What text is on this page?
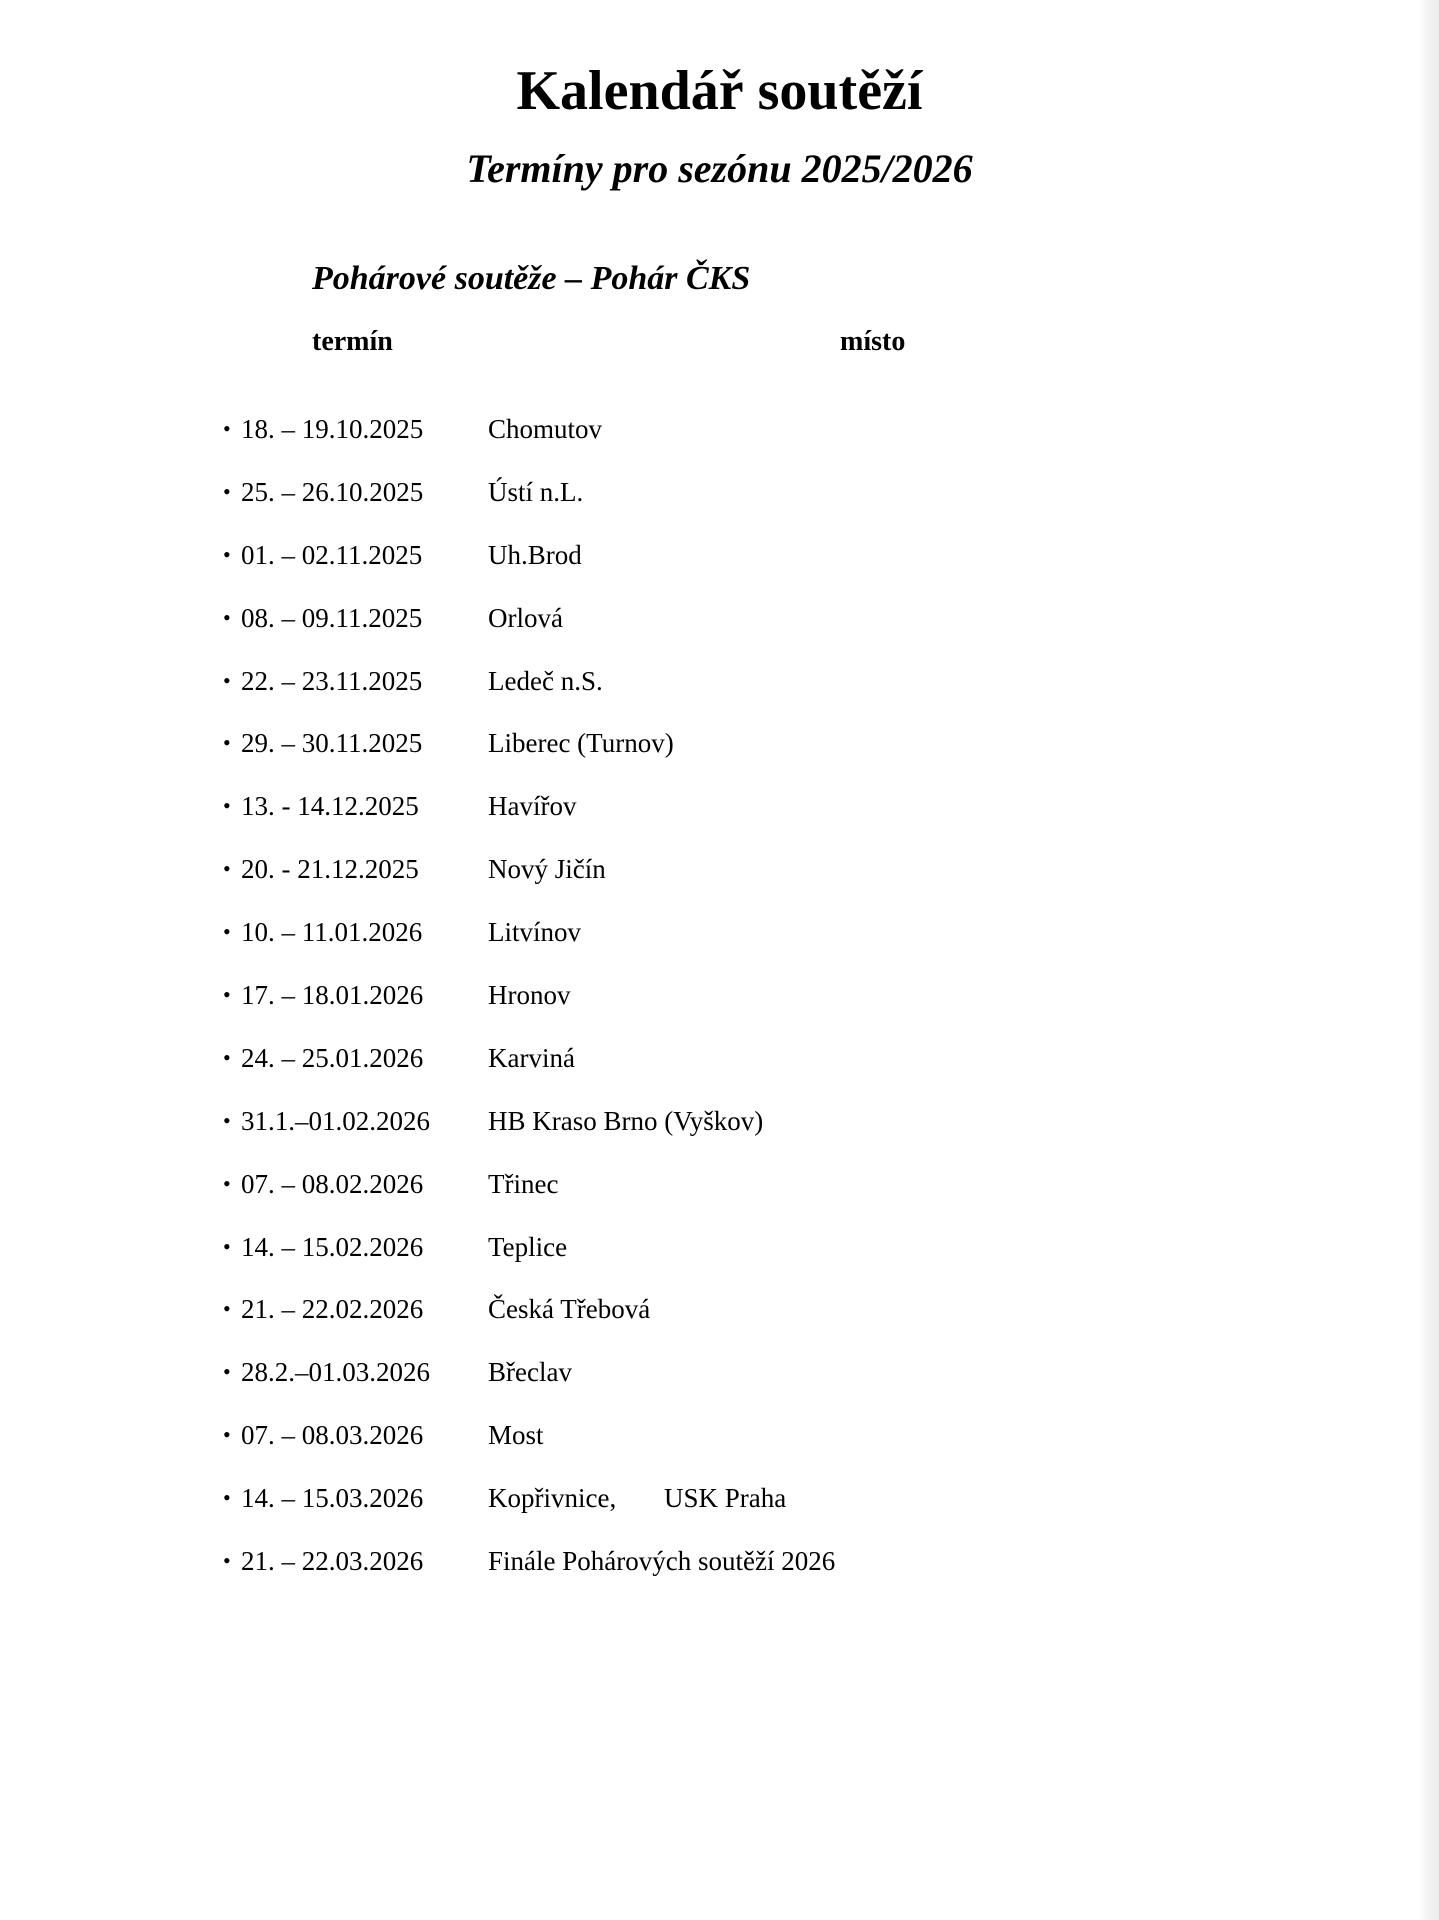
Kalendář soutěží
Termíny pro sezónu 2025/2026
Pohárové soutěže – Pohár ČKS
termín	místo
• 18. – 19.10.2025 Chomutov
• 25. – 26.10.2025 Ústí n.L.
• 01. – 02.11.2025 Uh.Brod
• 08. – 09.11.2025 Orlová
• 22. – 23.11.2025 Ledeč n.S.
• 29. – 30.11.2025 Liberec (Turnov)
• 13. - 14.12.2025	Havířov
• 20. - 21.12.2025	Nový Jičín
• 10. – 11.01.2026 Litvínov
• 17. – 18.01.2026 Hronov
• 24. – 25.01.2026 Karviná
• 31.1.–01.02.2026 HB Kraso Brno (Vyškov)
• 07. – 08.02.2026 Třinec
• 14. – 15.02.2026 Teplice
• 21. – 22.02.2026 Česká Třebová
• 28.2.–01.03.2026 Břeclav
• 07. – 08.03.2026 Most
• 14. – 15.03.2026 Kopřivnice, USK Praha
• 21. – 22.03.2026 Finále Pohárových soutěží 2026
